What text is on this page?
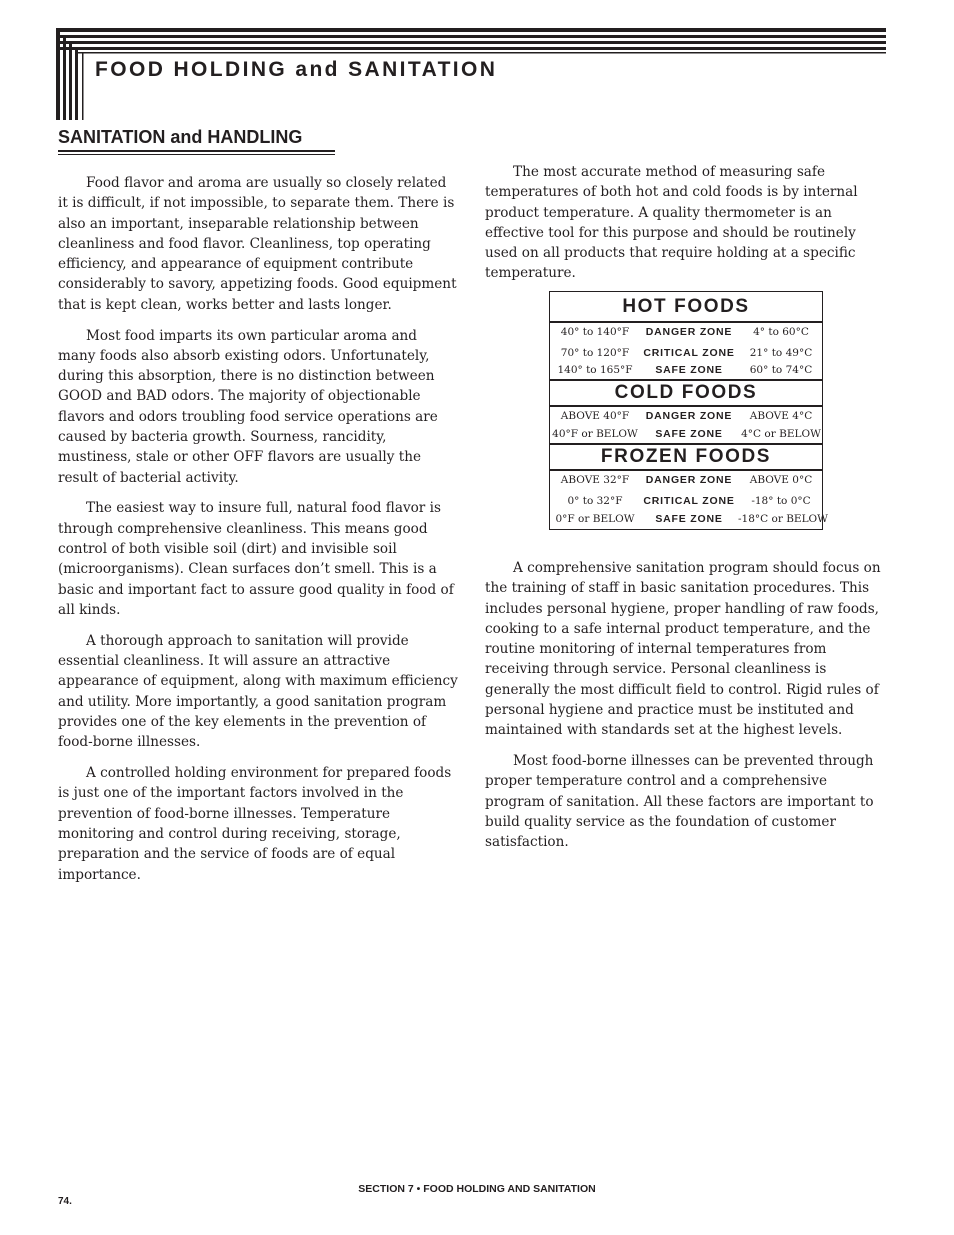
FOOD HOLDING and SANITATION
SANITATION and HANDLING

Food flavor and aroma are usually so closely related it is difficult, if not impossible, to separate them. There is also an important, inseparable relationship between cleanliness and food flavor. Cleanliness, top operating efficiency, and appearance of equipment contribute considerably to savory, appetizing foods. Good equipment that is kept clean, works better and lasts longer.

Most food imparts its own particular aroma and many foods also absorb existing odors. Unfortunately, during this absorption, there is no distinction between GOOD and BAD odors. The majority of objectionable flavors and odors troubling food service operations are caused by bacteria growth. Sourness, rancidity, mustiness, stale or other OFF flavors are usually the result of bacterial activity.

The easiest way to insure full, natural food flavor is through comprehensive cleanliness. This means good control of both visible soil (dirt) and invisible soil (microorganisms). Clean surfaces don’t smell. This is a basic and important fact to assure good quality in food of all kinds.

A thorough approach to sanitation will provide essential cleanliness. It will assure an attractive appearance of equipment, along with maximum efficiency and utility. More importantly, a good sanitation program provides one of the key elements in the prevention of food-borne illnesses.

A controlled holding environment for prepared foods is just one of the important factors involved in the prevention of food-borne illnesses. Temperature monitoring and control during receiving, storage, preparation and the service of foods are of equal importance.

The most accurate method of measuring safe temperatures of both hot and cold foods is by internal product temperature. A quality thermometer is an effective tool for this purpose and should be routinely used on all products that require holding at a specific temperature.

HOT FOODS
40° to 140°F	DANGER ZONE	4° to 60°C
70° to 120°F	CRITICAL ZONE	21° to 49°C
140° to 165°F	SAFE ZONE	60° to 74°C
COLD FOODS
ABOVE 40°F	DANGER ZONE	ABOVE 4°C
40°F or BELOW	SAFE ZONE	4°C or BELOW
FROZEN FOODS
ABOVE 32°F	DANGER ZONE	ABOVE 0°C
0° to 32°F	CRITICAL ZONE	-18° to 0°C
0°F or BELOW	SAFE ZONE	-18°C or BELOW

A comprehensive sanitation program should focus on the training of staff in basic sanitation procedures. This includes personal hygiene, proper handling of raw foods, cooking to a safe internal product temperature, and the routine monitoring of internal temperatures from receiving through service. Personal cleanliness is generally the most difficult field to control. Rigid rules of personal hygiene and practice must be instituted and maintained with standards set at the highest levels.

Most food-borne illnesses can be prevented through proper temperature control and a comprehensive program of sanitation. All these factors are important to build quality service as the foundation of customer satisfaction.

SECTION 7 • FOOD HOLDING AND SANITATION
74.
